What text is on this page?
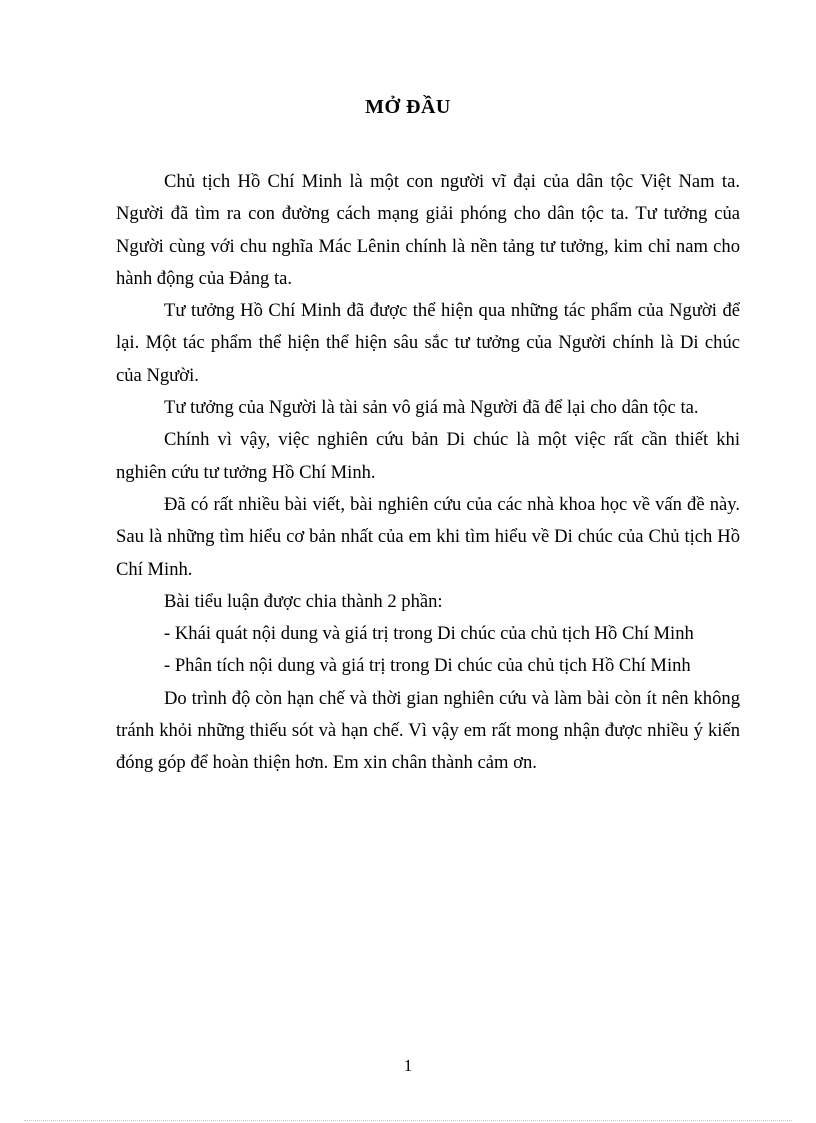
MỞ ĐẦU

Chủ tịch Hồ Chí Minh là một con người vĩ đại của dân tộc Việt Nam ta. Người đã tìm ra con đường cách mạng giải phóng cho dân tộc ta. Tư tưởng của Người cùng với chu nghĩa Mác Lênin chính là nền tảng tư tưởng, kim chỉ nam cho hành động của Đảng ta.

Tư tưởng Hồ Chí Minh đã được thể hiện qua những tác phẩm của Người để lại. Một tác phẩm thể hiện thể hiện sâu sắc tư tưởng của Người chính là Di chúc của Người.

Tư tưởng của Người là tài sản vô giá mà Người đã để lại cho dân tộc ta.

Chính vì vậy, việc nghiên cứu bản Di chúc là một việc rất cần thiết khi nghiên cứu tư tưởng Hồ Chí Minh.

Đã có rất nhiều bài viết, bài nghiên cứu của các nhà khoa học về vấn đề này. Sau là những tìm hiểu cơ bản nhất của em khi tìm hiểu về Di chúc của Chủ tịch Hồ Chí Minh.

Bài tiểu luận được chia thành 2 phần:

- Khái quát nội dung và giá trị trong Di chúc của chủ tịch Hồ Chí Minh

- Phân tích nội dung và giá trị trong Di chúc của chủ tịch Hồ Chí Minh

Do trình độ còn hạn chế và thời gian nghiên cứu và làm bài còn ít nên không tránh khỏi những thiếu sót và hạn chế. Vì vậy em rất mong nhận được nhiều ý kiến đóng góp để hoàn thiện hơn. Em xin chân thành cảm ơn.

1
